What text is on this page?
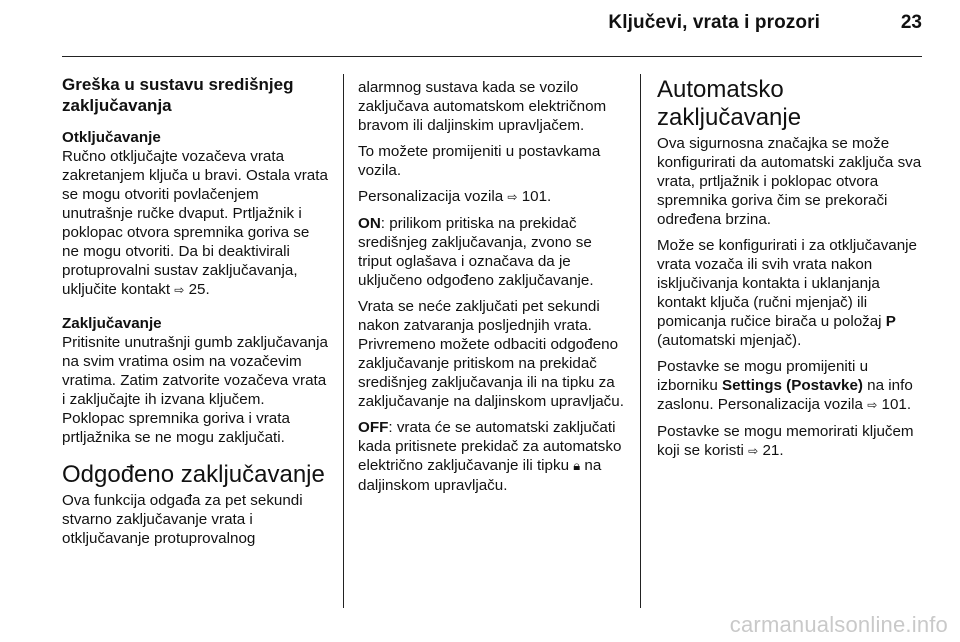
Ključevi, vrata i prozori	23
Greška u sustavu središnjeg zaključavanja
Otključavanje

Ručno otključajte vozačeva vrata zakretanjem ključa u bravi. Ostala vrata se mogu otvoriti povlačenjem unutrašnje ručke dvaput. Prtljažnik i poklopac otvora spremnika goriva se ne mogu otvoriti. Da bi deaktivirali protuprovalni sustav zaključavanja, uključite kontakt ⇨ 25.

Zaključavanje

Pritisnite unutrašnji gumb zaključavanja na svim vratima osim na vozačevim vratima. Zatim zatvorite vozačeva vrata i zaključajte ih izvana ključem. Poklopac spremnika goriva i vrata prtljažnika se ne mogu zaključati.

Odgođeno zaključavanje

Ova funkcija odgađa za pet sekundi stvarno zaključavanje vrata i otključavanje protuprovalnog

alarmnog sustava kada se vozilo zaključava automatskom električnom bravom ili daljinskim upravljačem.

To možete promijeniti u postavkama vozila.

Personalizacija vozila ⇨ 101.

ON: prilikom pritiska na prekidač središnjeg zaključavanja, zvono se triput oglašava i označava da je uključeno odgođeno zaključavanje.

Vrata se neće zaključati pet sekundi nakon zatvaranja posljednjih vrata. Privremeno možete odbaciti odgođeno zaključavanje pritiskom na prekidač središnjeg zaključavanja ili na tipku za zaključavanje na daljinskom upravljaču.

OFF: vrata će se automatski zaključati kada pritisnete prekidač za automatsko električno zaključavanje ili tipku 🔒︎ na daljinskom upravljaču.

Automatsko zaključavanje

Ova sigurnosna značajka se može konfigurirati da automatski zaključa sva vrata, prtljažnik i poklopac otvora spremnika goriva čim se prekorači određena brzina.

Može se konfigurirati i za otključavanje vrata vozača ili svih vrata nakon isključivanja kontakta i uklanjanja kontakt ključa (ručni mjenjač) ili pomicanja ručice birača u položaj P (automatski mjenjač).

Postavke se mogu promijeniti u izborniku Settings (Postavke) na info zaslonu. Personalizacija vozila ⇨ 101.

Postavke se mogu memorirati ključem koji se koristi ⇨ 21.

carmanualsonline.info
